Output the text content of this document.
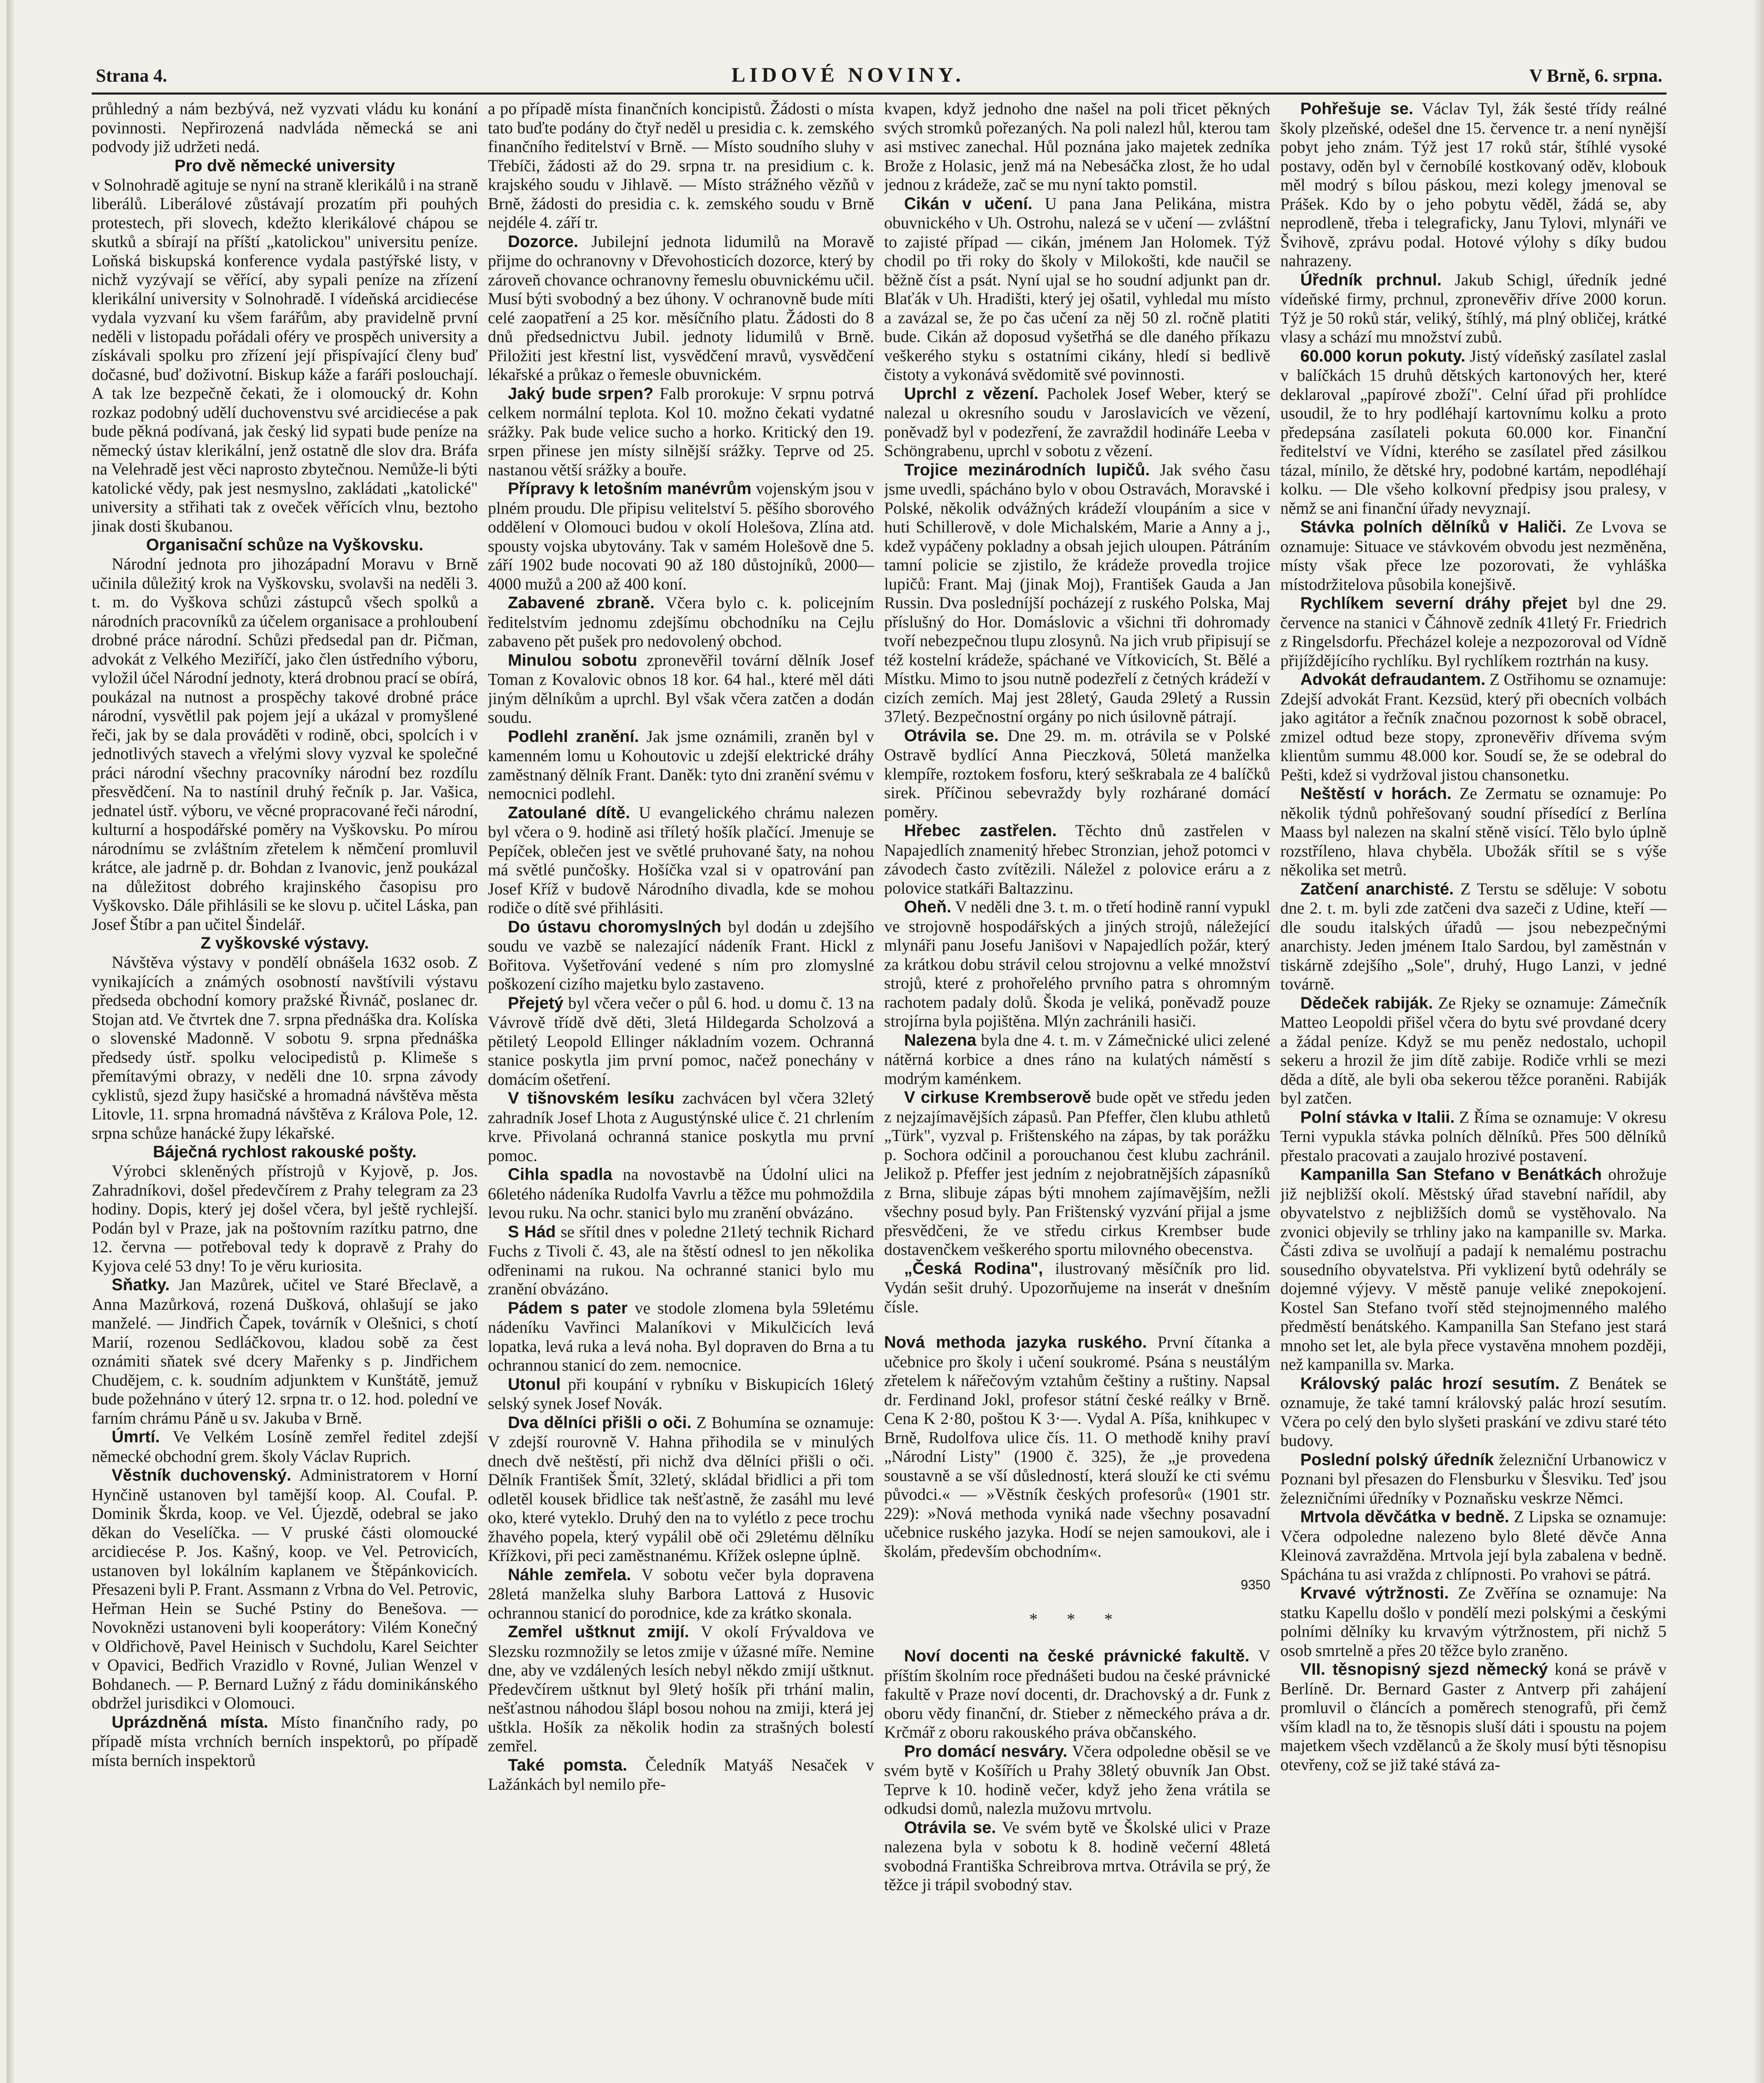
Strana 4.	LIDOVÉ NOVINY.	V Brně, 6. srpna.

průhledný a nám bezbývá, než vyzvati vládu ku konání povinnosti. Nepřirozená nadvláda německá se ani podvody již udržeti nedá.

Pro dvě německé university

v Solnohradě agituje se nyní na straně klerikálů i na straně liberálů. Liberálové zůstávají prozatím při pouhých protestech, při slovech, kdežto klerikálové chápou se skutků a sbírají na příští „katolickou" universitu peníze. Loňská biskupská konference vydala pastýřské listy, v nichž vyzývají se věřící, aby sypali peníze na zřízení klerikální university v Solnohradě. I vídeňská arcidiecése vydala vyzvaní ku všem farářům, aby pravidelně první neděli v listopadu pořádali oféry ve prospěch university a získávali spolku pro zřízení její přispívající členy buď dočasné, buď doživotní. Biskup káže a faráři poslouchají. A tak lze bezpečně čekati, že i olomoucký dr. Kohn rozkaz podobný udělí duchovenstvu své arcidiecése a pak bude pěkná podívaná, jak český lid sypati bude peníze na německý ústav klerikální, jenž ostatně dle slov dra. Bráfa na Velehradě jest věci naprosto zbytečnou. Nemůže-li býti katolické vědy, pak jest nesmyslno, zakládati „katolické" university a střihati tak z oveček věřících vlnu, beztoho jinak dosti škubanou.

Organisační schůze na Vyškovsku.

Národní jednota pro jihozápadní Moravu v Brně učinila důležitý krok na Vyškovsku, svolavši na neděli 3. t. m. do Vyškova schůzi zástupců všech spolků a národních pracovníků za účelem organisace a prohloubení drobné práce národní. Schůzi předsedal pan dr. Pičman, advokát z Velkého Meziříčí, jako člen ústředního výboru, vyložil účel Národní jednoty, která drobnou prací se obírá, poukázal na nutnost a prospěchy takové drobné práce národní, vysvětlil pak pojem její a ukázal v promyšlené řeči, jak by se dala prováděti v rodině, obci, spolcích i v jednotlivých stavech a vřelými slovy vyzval ke společné práci národní všechny pracovníky národní bez rozdílu přesvědčení. Na to nastínil druhý řečník p. Jar. Vašica, jednatel ústř. výboru, ve věcné propracované řeči národní, kulturní a hospodářské poměry na Vyškovsku. Po mírou národnímu se zvláštním zřetelem k němčení promluvil krátce, ale jadrně p. dr. Bohdan z Ivanovic, jenž poukázal na důležitost dobrého krajinského časopisu pro Vyškovsko. Dále přihlásili se ke slovu p. učitel Láska, pan Josef Štíbr a pan učitel Šindelář.

Z vyškovské výstavy.

Návštěva výstavy v pondělí obnášela 1632 osob. Z vynikajících a známých osobností navštívili výstavu předseda obchodní komory pražské Řivnáč, poslanec dr. Stojan atd. Ve čtvrtek dne 7. srpna přednáška dra. Kolíska o slovenské Madonně. V sobotu 9. srpna přednáška předsedy ústř. spolku velocipedistů p. Klimeše s přemítavými obrazy, v neděli dne 10. srpna závody cyklistů, sjezd župy hasičské a hromadná návštěva města Litovle, 11. srpna hromadná návštěva z Králova Pole, 12. srpna schůze hanácké župy lékařské.

Báječná rychlost rakouské pošty.

Výrobci skleněných přístrojů v Kyjově, p. Jos. Zahradníkovi, došel předevčírem z Prahy telegram za 23 hodiny. Dopis, který jej došel včera, byl ještě rychlejší. Podán byl v Praze, jak na poštovním razítku patrno, dne 12. června — potřeboval tedy k dopravě z Prahy do Kyjova celé 53 dny! To je věru kuriosita.

Sňatky. Jan Mazůrek, učitel ve Staré Břeclavě, a Anna Mazůrková, rozená Dušková, ohlašují se jako manželé. — Jindřich Čapek, továrník v Olešnici, s chotí Marií, rozenou Sedláčkovou, kladou sobě za čest oznámiti sňatek své dcery Mařenky s p. Jindřichem Chudějem, c. k. soudním adjunktem v Kunštátě, jemuž bude požehnáno v úterý 12. srpna tr. o 12. hod. polední ve farním chrámu Páně u sv. Jakuba v Brně.

Úmrtí. Ve Velkém Losíně zemřel ředitel zdejší německé obchodní grem. školy Václav Ruprich.

Věstník duchovenský. Administratorem v Horní Hynčině ustanoven byl tamější koop. Al. Coufal. P. Dominik Škrda, koop. ve Vel. Újezdě, odebral se jako děkan do Veselíčka. — V pruské části olomoucké arcidiecése P. Jos. Kašný, koop. ve Vel. Petrovicích, ustanoven byl lokálním kaplanem ve Štěpánkovicích. Přesazeni byli P. Frant. Assmann z Vrbna do Vel. Petrovic, Heřman Hein se Suché Pstiny do Benešova. — Novoknězi ustanoveni byli kooperátory: Vilém Konečný v Oldřichově, Pavel Heinisch v Suchdolu, Karel Seichter v Opavici, Bedřich Vrazidlo v Rovné, Julian Wenzel v Bohdanech. — P. Bernard Lužný z řádu dominikánského obdržel jurisdikci v Olomouci.

Uprázdněná místa. Místo finančního rady, po případě místa vrchních berních inspektorů, po případě místa berních inspektorů

a po případě místa finančních koncipistů. Žádosti o místa tato buďte podány do čtyř neděl u presidia c. k. zemského finančního ředitelství v Brně. — Místo soudního sluhy v Třebíči, žádosti až do 29. srpna tr. na presidium c. k. krajského soudu v Jihlavě. — Místo strážného vězňů v Brně, žádosti do presidia c. k. zemského soudu v Brně nejdéle 4. září tr.

Dozorce. Jubilejní jednota lidumilů na Moravě přijme do ochranovny v Dřevohosticích dozorce, který by zároveň chovance ochranovny řemeslu obuvnickému učil. Musí býti svobodný a bez úhony. V ochranovně bude míti celé zaopatření a 25 kor. měsíčního platu. Žádosti do 8 dnů předsednictvu Jubil. jednoty lidumilů v Brně. Přiložiti jest křestní list, vysvědčení mravů, vysvědčení lékařské a průkaz o řemesle obuvnickém.

Jaký bude srpen? Falb prorokuje: V srpnu potrvá celkem normální teplota. Kol 10. možno čekati vydatné srážky. Pak bude velice sucho a horko. Kritický den 19. srpen přinese jen místy silnější srážky. Teprve od 25. nastanou větší srážky a bouře.

Přípravy k letošním manévrům vojenským jsou v plném proudu. Dle připisu velitelství 5. pěšího sborového oddělení v Olomouci budou v okolí Holešova, Zlína atd. spousty vojska ubytovány. Tak v samém Holešově dne 5. září 1902 bude nocovati 90 až 180 důstojníků, 2000—4000 mužů a 200 až 400 koní.

Zabavené zbraně. Včera bylo c. k. policejním ředitelstvím jednomu zdejšímu obchodníku na Cejlu zabaveno pět pušek pro nedovolený obchod.

Minulou sobotu zpronevěřil tovární dělník Josef Toman z Kovalovic obnos 18 kor. 64 hal., které měl dáti jiným dělníkům a uprchl. Byl však včera zatčen a dodán soudu.

Podlehl zranění. Jak jsme oznámili, zraněn byl v kamenném lomu u Kohoutovic u zdejší elektrické dráhy zaměstnaný dělník Frant. Daněk: tyto dni zranění svému v nemocnici podlehl.

Zatoulané dítě. U evangelického chrámu nalezen byl včera o 9. hodině asi tříletý hošík plačící. Jmenuje se Pepíček, oblečen jest ve světlé pruhované šaty, na nohou má světlé punčošky. Hošíčka vzal si v opatrování pan Josef Kříž v budově Národního divadla, kde se mohou rodiče o dítě své přihlásiti.

Do ústavu choromyslných byl dodán u zdejšího soudu ve vazbě se nalezající nádeník Frant. Hickl z Bořitova. Vyšetřování vedené s ním pro zlomyslné poškození cizího majetku bylo zastaveno.

Přejetý byl včera večer o půl 6. hod. u domu č. 13 na Vávrově třídě dvě děti, 3letá Hildegarda Scholzová a pětiletý Leopold Ellinger nákladním vozem. Ochranná stanice poskytla jim první pomoc, načež ponechány v domácím ošetření.

V tišnovském lesíku zachvácen byl včera 32letý zahradník Josef Lhota z Augustýnské ulice č. 21 chrlením krve. Přivolaná ochranná stanice poskytla mu první pomoc.

Cihla spadla na novostavbě na Údolní ulici na 66letého nádeníka Rudolfa Vavrlu a těžce mu pohmoždila levou ruku. Na ochr. stanici bylo mu zranění obvázáno.

S Hád se sřítil dnes v poledne 21letý technik Richard Fuchs z Tivoli č. 43, ale na štěstí odnesl to jen několika odřeninami na rukou. Na ochranné stanici bylo mu zranění obvázáno.

Pádem s pater ve stodole zlomena byla 59letému nádeníku Vavřinci Malaníkovi v Mikulčicích levá lopatka, levá ruka a levá noha. Byl dopraven do Brna a tu ochrannou stanicí do zem. nemocnice.

Utonul při koupání v rybníku v Biskupicích 16letý selský synek Josef Novák.

Dva dělníci přišli o oči. Z Bohumína se oznamuje: V zdejší rourovně V. Hahna přihodila se v minulých dnech dvě neštěstí, při nichž dva dělníci přišli o oči. Dělník František Šmít, 32letý, skládal břidlici a při tom odletěl kousek břidlice tak nešťastně, že zasáhl mu levé oko, které vyteklo. Druhý den na to vylétlo z pece trochu žhavého popela, který vypálil obě oči 29letému dělníku Křížkovi, při peci zaměstnanému. Křížek oslepne úplně.

Náhle zemřela. V sobotu večer byla dopravena 28letá manželka sluhy Barbora Lattová z Husovic ochrannou stanicí do porodnice, kde za krátko skonala.

Zemřel uštknut zmijí. V okolí Frývaldova ve Slezsku rozmnožily se letos zmije v úžasné míře. Nemine dne, aby ve vzdálených lesích nebyl někdo zmijí uštknut. Předevčírem uštknut byl 9letý hošík při trhání malin, nešťastnou náhodou šlápl bosou nohou na zmiji, která jej uštkla. Hošík za několik hodin za strašných bolestí zemřel.

Také pomsta. Čeledník Matyáš Nesaček v Lažánkách byl nemilo pře-

kvapen, když jednoho dne našel na poli třicet pěkných svých stromků pořezaných. Na poli nalezl hůl, kterou tam asi mstivec zanechal. Hůl poznána jako majetek zedníka Brože z Holasic, jenž má na Nebesáčka zlost, že ho udal jednou z krádeže, zač se mu nyní takto pomstil.

Cikán v učení. U pana Jana Pelikána, mistra obuvnického v Uh. Ostrohu, nalezá se v učení — zvláštní to zajisté případ — cikán, jménem Jan Holomek. Týž chodil po tři roky do školy v Milokošti, kde naučil se běžně číst a psát. Nyní ujal se ho soudní adjunkt pan dr. Blaťák v Uh. Hradišti, který jej ošatil, vyhledal mu místo a zavázal se, že po čas učení za něj 50 zl. ročně platiti bude. Cikán až doposud vyšetřhá se dle daného příkazu veškerého styku s ostatními cikány, hledí si bedlivě čistoty a vykonává svědomitě své povinnosti.

Uprchl z vězení. Pacholek Josef Weber, který se nalezal u okresního soudu v Jaroslavicích ve vězení, poněvadž byl v podezření, že zavraždil hodináře Leeba v Schöngrabenu, uprchl v sobotu z vězení.

Trojice mezinárodních lupičů. Jak svého času jsme uvedli, spácháno bylo v obou Ostravách, Moravské i Polské, několik odvážných krádeží vloupáním a sice v huti Schillerově, v dole Michalském, Marie a Anny a j., kdež vypáčeny pokladny a obsah jejich uloupen. Pátráním tamní policie se zjistilo, že krádeže provedla trojice lupičů: Frant. Maj (jinak Moj), František Gauda a Jan Russin. Dva posledníjší pocházejí z ruského Polska, Maj příslušný do Hor. Domáslovic a všichni tři dohromady tvoří nebezpečnou tlupu zlosynů. Na jich vrub připisují se též kostelní krádeže, spáchané ve Vítkovicích, St. Bělé a Místku. Mimo to jsou nutně podezřelí z četných krádeží v cizích zemích. Maj jest 28letý, Gauda 29letý a Russin 37letý. Bezpečnostní orgány po nich úsilovně pátrají.

Otrávila se. Dne 29. m. m. otrávila se v Polské Ostravě bydlící Anna Pieczková, 50letá manželka klempíře, roztokem fosforu, který seškrabala ze 4 balíčků sirek. Příčinou sebevraždy byly rozhárané domácí poměry.

Hřebec zastřelen. Těchto dnů zastřelen v Napajedlích znamenitý hřebec Stronzian, jehož potomci v závodech často zvítězili. Náležel z polovice eráru a z polovice statkáři Baltazzinu.

Oheň. V neděli dne 3. t. m. o třetí hodině ranní vypukl ve strojovně hospodářských a jiných strojů, náležející mlynáři panu Josefu Janišovi v Napajedlích požár, který za krátkou dobu strávil celou strojovnu a velké množství strojů, které z prohořelého prvního patra s ohromným rachotem padaly dolů. Škoda je veliká, poněvadž pouze strojírna byla pojištěna. Mlýn zachránili hasiči.

Nalezena byla dne 4. t. m. v Zámečnické ulici zelené nátěrná korbice a dnes ráno na kulatých náměstí s modrým kaménkem.

V cirkuse Krembserově bude opět ve středu jeden z nejzajímavějších zápasů. Pan Pfeffer, člen klubu athletů „Türk", vyzval p. Frištenského na zápas, by tak porážku p. Sochora odčinil a porouchanou čest klubu zachránil. Jelikož p. Pfeffer jest jedním z nejobratnějších zápasníků z Brna, slibuje zápas býti mnohem zajímavějším, nežli všechny posud byly. Pan Frištenský vyzvání přijal a jsme přesvědčeni, že ve středu cirkus Krembser bude dostavenčkem veškerého sportu milovného obecenstva.

„Česká Rodina", ilustrovaný měsíčník pro lid. Vydán sešit druhý. Upozorňujeme na inserát v dnešním čísle.

Nová methoda jazyka ruského. První čítanka a učebnice pro školy i učení soukromé. Psána s neustálým zřetelem k nářečovým vztahům češtiny a ruštiny. Napsal dr. Ferdinand Jokl, profesor státní české reálky v Brně. Cena K 2·80, poštou K 3·—. Vydal A. Píša, knihkupec v Brně, Rudolfova ulice čís. 11. O methodě knihy praví „Národní Listy" (1900 č. 325), že „je provedena soustavně a se vší důsledností, která slouží ke cti svému původci.« — »Věstník českých profesorů« (1901 str. 229): »Nová methoda vyniká nade všechny posavadní učebnice ruského jazyka. Hodí se nejen samoukovi, ale i školám, především obchodním«.

9350

* * *

Noví docenti na české právnické fakultě. V příštím školním roce přednášeti budou na české právnické fakultě v Praze noví docenti, dr. Drachovský a dr. Funk z oboru vědy finanční, dr. Stieber z německého práva a dr. Krčmář z oboru rakouského práva občanského.

Pro domácí nesváry. Včera odpoledne oběsil se ve svém bytě v Košířích u Prahy 38letý obuvník Jan Obst. Teprve k 10. hodině večer, když jeho žena vrátila se odkudsi domů, nalezla mužovu mrtvolu.

Otrávila se. Ve svém bytě ve Školské ulici v Praze nalezena byla v sobotu k 8. hodině večerní 48letá svobodná Františka Schreibrova mrtva. Otrávila se prý, že těžce ji trápil svobodný stav.

Pohřešuje se. Václav Tyl, žák šesté třídy reálné školy plzeňské, odešel dne 15. července tr. a není nynější pobyt jeho znám. Týž jest 17 roků stár, štíhlé vysoké postavy, oděn byl v černobílé kostkovaný oděv, klobouk měl modrý s bílou páskou, mezi kolegy jmenoval se Prášek. Kdo by o jeho pobytu věděl, žádá se, aby neprodleně, třeba i telegraficky, Janu Tylovi, mlynáři ve Švihově, zprávu podal. Hotové výlohy s díky budou nahrazeny.

Úředník prchnul. Jakub Schigl, úředník jedné vídeňské firmy, prchnul, zpronevěřiv dříve 2000 korun. Týž je 50 roků stár, veliký, štíhlý, má plný obličej, krátké vlasy a schází mu množství zubů.

60.000 korun pokuty. Jistý vídeňský zasílatel zaslal v balíčkách 15 druhů dětských kartonových her, které deklaroval „papírové zboží". Celní úřad při prohlídce usoudil, že to hry podléhají kartovnímu kolku a proto předepsána zasílateli pokuta 60.000 kor. Finanční ředitelství ve Vídni, kterého se zasílatel před zásilkou tázal, mínilo, že dětské hry, podobné kartám, nepodléhají kolku. — Dle všeho kolkovní předpisy jsou pralesy, v němž se ani finanční úřady nevyznají.

Stávka polních dělníků v Haliči. Ze Lvova se oznamuje: Situace ve stávkovém obvodu jest nezměněna, místy však přece lze pozorovati, že vyhláška místodržitelova působila konejšivě.

Rychlíkem severní dráhy přejet byl dne 29. července na stanici v Čáhnově zedník 41letý Fr. Friedrich z Ringelsdorfu. Přecházel koleje a nezpozoroval od Vídně přijíždějícího rychlíku. Byl rychlíkem roztrhán na kusy.

Advokát defraudantem. Z Ostřihomu se oznamuje: Zdejší advokát Frant. Kezsüd, který při obecních volbách jako agitátor a řečník značnou pozornost k sobě obracel, zmizel odtud beze stopy, zpronevěřiv dřívema svým klientům summu 48.000 kor. Soudí se, že se odebral do Pešti, kdež si vydržoval jistou chansonetku.

Neštěstí v horách. Ze Zermatu se oznamuje: Po několik týdnů pohřešovaný soudní přísedící z Berlína Maass byl nalezen na skalní stěně visící. Tělo bylo úplně rozstříleno, hlava chyběla. Ubožák sřítil se s výše několika set metrů.

Zatčení anarchisté. Z Terstu se sděluje: V sobotu dne 2. t. m. byli zde zatčeni dva sazeči z Udine, kteří — dle soudu italských úřadů — jsou nebezpečnými anarchisty. Jeden jménem Italo Sardou, byl zaměstnán v tiskárně zdejšího „Sole", druhý, Hugo Lanzi, v jedné továrně.

Dědeček rabiják. Ze Rjeky se oznamuje: Zámečník Matteo Leopoldi přišel včera do bytu své provdané dcery a žádal peníze. Když se mu peněz nedostalo, uchopil sekeru a hrozil že jim dítě zabije. Rodiče vrhli se mezi děda a dítě, ale byli oba sekerou těžce poraněni. Rabiják byl zatčen.

Polní stávka v Italii. Z Říma se oznamuje: V okresu Terni vypukla stávka polních dělníků. Přes 500 dělníků přestalo pracovati a zaujalo hrozivé postavení.

Kampanilla San Stefano v Benátkách ohrožuje již nejbližší okolí. Městský úřad stavební nařídil, aby obyvatelstvo z nejbližších domů se vystěhovalo. Na zvonici objevily se trhliny jako na kampanille sv. Marka. Části zdiva se uvolňují a padají k nemalému postrachu sousedního obyvatelstva. Při vyklizení bytů odehrály se dojemné výjevy. V městě panuje veliké znepokojení. Kostel San Stefano tvoří stěd stejnojmenného malého předměstí benátského. Kampanilla San Stefano jest stará mnoho set let, ale byla přece vystavěna mnohem později, než kampanilla sv. Marka.

Královský palác hrozí sesutím. Z Benátek se oznamuje, že také tamní královský palác hrozí sesutím. Včera po celý den bylo slyšeti praskání ve zdivu staré této budovy.

Poslední polský úředník železniční Urbanowicz v Poznani byl přesazen do Flensburku v Šlesviku. Teď jsou železničními úředníky v Poznaňsku veskrze Němci.

Mrtvola děvčátka v bedně. Z Lipska se oznamuje: Včera odpoledne nalezeno bylo 8leté děvče Anna Kleinová zavražděna. Mrtvola její byla zabalena v bedně. Spáchána tu asi vražda z chlípnosti. Po vrahovi se pátrá.

Krvavé výtržnosti. Ze Zvěřína se oznamuje: Na statku Kapellu došlo v pondělí mezi polskými a českými polními dělníky ku krvavým výtržnostem, při nichž 5 osob smrtelně a přes 20 těžce bylo zraněno.

VII. těsnopisný sjezd německý koná se právě v Berlíně. Dr. Bernard Gaster z Antverp při zahájení promluvil o článcích a poměrech stenografů, při čemž vším kladl na to, že těsnopis sluší dáti i spoustu na pojem majetkem všech vzdělanců a že školy musí býti těsnopisu otevřeny, což se již také stává za-
